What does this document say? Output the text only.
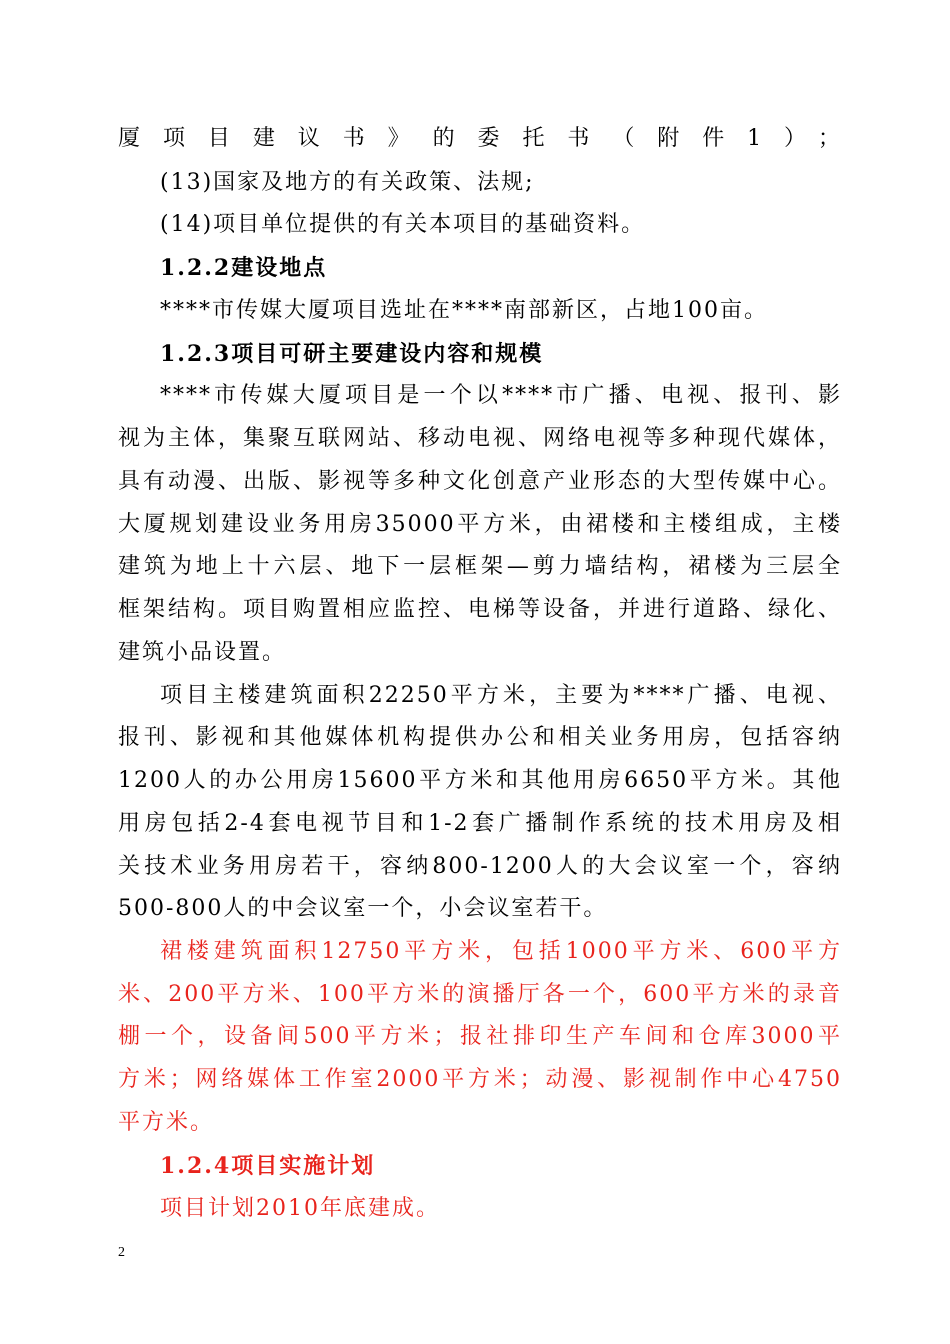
厦项目建议书》的委托书（附件1）；
(13)国家及地方的有关政策、法规;
(14)项目单位提供的有关本项目的基础资料。
1.2.2建设地点
****市传媒大厦项目选址在****南部新区，占地100亩。
1.2.3项目可研主要建设内容和规模
****市传媒大厦项目是一个以****市广播、电视、报刊、影
视为主体，集聚互联网站、移动电视、网络电视等多种现代媒体，
具有动漫、出版、影视等多种文化创意产业形态的大型传媒中心。
大厦规划建设业务用房35000平方米，由裙楼和主楼组成，主楼
建筑为地上十六层、地下一层框架—剪力墙结构，裙楼为三层全
框架结构。项目购置相应监控、电梯等设备，并进行道路、绿化、
建筑小品设置。
项目主楼建筑面积22250平方米，主要为****广播、电视、
报刊、影视和其他媒体机构提供办公和相关业务用房，包括容纳
1200人的办公用房15600平方米和其他用房6650平方米。其他
用房包括2-4套电视节目和1-2套广播制作系统的技术用房及相
关技术业务用房若干，容纳800-1200人的大会议室一个，容纳
500-800人的中会议室一个，小会议室若干。
裙楼建筑面积12750平方米，包括1000平方米、600平方
米、200平方米、100平方米的演播厅各一个，600平方米的录音
棚一个，设备间500平方米；报社排印生产车间和仓库3000平
方米；网络媒体工作室2000平方米；动漫、影视制作中心4750
平方米。
1.2.4项目实施计划
项目计划2010年底建成。
2
